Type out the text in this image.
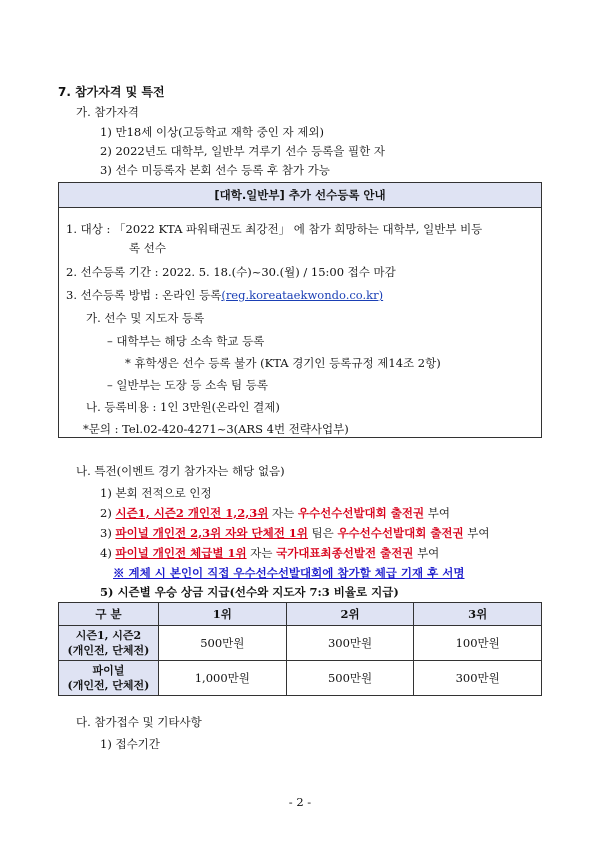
7. 참가자격 및 특전
가. 참가자격
1) 만18세 이상(고등학교 재학 중인 자 제외)
2) 2022년도 대학부, 일반부 겨루기 선수 등록을 필한 자
3) 선수 미등록자 본회 선수 등록 후 참가 가능
[대학.일반부] 추가 선수등록 안내
1. 대상 : 「2022 KTA 파워태권도 최강전」 에 참가 희망하는 대학부, 일반부 비등
록 선수
2. 선수등록 기간 : 2022. 5. 18.(수)~30.(월) / 15:00 접수 마감
3. 선수등록 방법 : 온라인 등록(reg.koreataekwondo.co.kr)
가. 선수 및 지도자 등록
– 대학부는 해당 소속 학교 등록
* 휴학생은 선수 등록 불가 (KTA 경기인 등록규정 제14조 2항)
– 일반부는 도장 등 소속 팀 등록
나. 등록비용 : 1인 3만원(온라인 결제)
*문의 : Tel.02-420-4271~3(ARS 4번 전략사업부)
나. 특전(이벤트 경기 참가자는 해당 없음)
1) 본회 전적으로 인정
2) 시즌1, 시즌2 개인전 1,2,3위 자는 우수선수선발대회 출전권 부여
3) 파이널 개인전 2,3위 자와 단체전 1위 팀은 우수선수선발대회 출전권 부여
4) 파이널 개인전 체급별 1위 자는 국가대표최종선발전 출전권 부여
※ 계체 시 본인이 직접 우수선수선발대회에 참가할 체급 기재 후 서명
5) 시즌별 우승 상금 지급(선수와 지도자 7:3 비율로 지급)
구 분	1위	2위	3위

시즌1, 시즌2
(개인전, 단체전)	500만원	300만원	100만원

파이널
(개인전, 단체전)	1,000만원	500만원	300만원
다. 참가접수 및 기타사항
1) 접수기간
- 2 -
